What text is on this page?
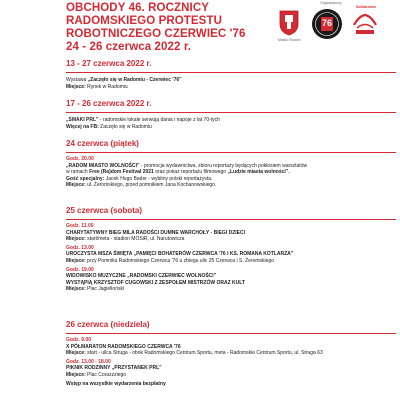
OBCHODY 46. ROCZNICY
RADOMSKIEGO PROTESTU
ROBOTNICZEGO CZERWIEC '76
24 - 26 czerwca 2022 r.
Miasto Radom
Organizatorzy
76
Solidarność
13 - 27 czerwca 2022 r.
Wystawa „Zaczęło się w Radomiu - Czerwiec '76”
Miejsce: Rynek w Radomiu
17 - 26 czerwca 2022 r.
„SMAKI PRL” - radomskie lokale serwują dania i napoje z lat 70-tych
Więcej na FB: Zaczęło się w Radomiu
24 czerwca (piątek)
Godz. 20.00
„RADOM MIASTO WOLNOŚCI” - promocja wydawnictwa, zbioru reportaży będących pokłosiem warsztatów
w ramach Free (Ra)dom Festival 2021 oraz pokaz reportażu filmowego „Ludzie miasta wolności”.
Gość specjalny: Jacek Hugo Bader - wybitny polski reportażysta.
Miejsce: ul. Żeromskiego, przed pomnikiem Jana Kochanowskiego.
25 czerwca (sobota)
Godz. 11.00
CHARYTATYWNY BIEG MILA RADOŚCI DUMNE WARCHOŁY - BIEGI DZIECI
Miejsce: start/meta - stadion MOSiR, ul. Narutowicza
Godz. 13.00
UROCZYSTA MSZA ŚWIĘTA „PAMIĘCI BOHATERÓW CZERWCA '76 I KS. ROMANA KOTLARZA”
Miejsce: przy Pomniku Radomskiego Czerwca '76 u zbiegu ulic 25 Czerwca i S. Żeromskiego
Godz. 19.00
WIDOWISKO MUZYCZNE „RADOMSKI CZERWIEC WOLNOŚCI”
WYSTĄPIĄ KRZYSZTOF CUGOWSKI Z ZESPOŁEM MISTRZÓW ORAZ KULT
Miejsce: Plac Jagielloński
26 czerwca (niedziela)
Godz. 9.00
X PÓŁMARATON RADOMSKIEGO CZERWCA '76
Miejsce: start - ulica Struga - obok Radomskiego Centrum Sportu, meta - Radomskie Centrum Sportu, ul. Struga 63
Godz. 13.00 - 18.00
PIKNIK RODZINNY „PRZYSTANEK PRL”
Miejsce: Plac Corazzziego
Wstęp na wszystkie wydarzenia bezpłatny
